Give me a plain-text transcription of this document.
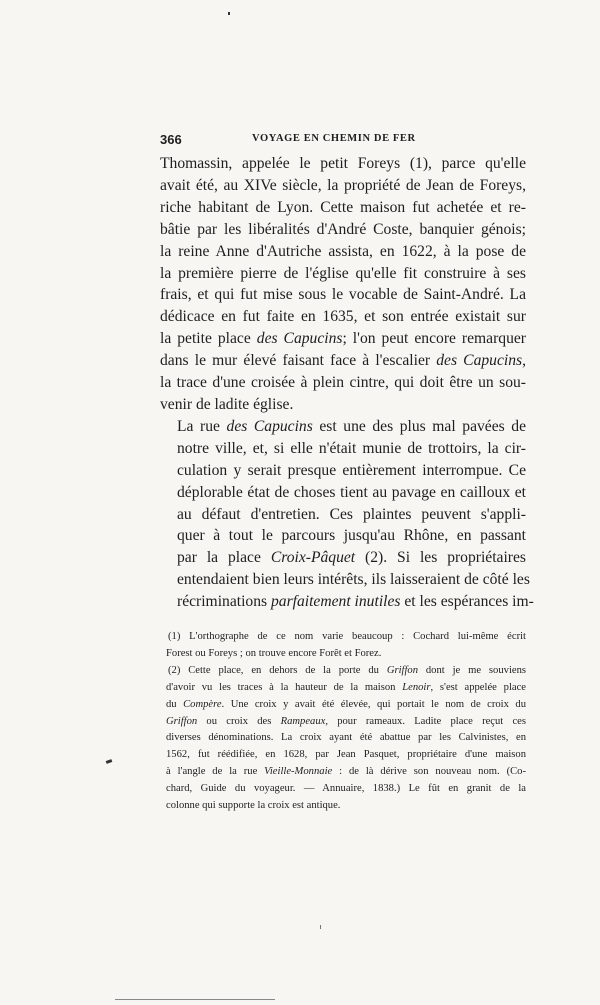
366	VOYAGE EN CHEMIN DE FER

Thomassin, appelée le petit Foreys (1), parce qu'elle
avait été, au XIVe siècle, la propriété de Jean de Foreys,
riche habitant de Lyon. Cette maison fut achetée et re-
bâtie par les libéralités d'André Coste, banquier génois;
la reine Anne d'Autriche assista, en 1622, à la pose de
la première pierre de l'église qu'elle fit construire à ses
frais, et qui fut mise sous le vocable de Saint-André. La
dédicace en fut faite en 1635, et son entrée existait sur
la petite place des Capucins; l'on peut encore remarquer
dans le mur élevé faisant face à l'escalier des Capucins,
la trace d'une croisée à plein cintre, qui doit être un sou-
venir de ladite église.

La rue des Capucins est une des plus mal pavées de
notre ville, et, si elle n'était munie de trottoirs, la cir-
culation y serait presque entièrement interrompue. Ce
déplorable état de choses tient au pavage en cailloux et
au défaut d'entretien. Ces plaintes peuvent s'appli-
quer à tout le parcours jusqu'au Rhône, en passant
par la place Croix-Pâquet (2). Si les propriétaires
entendaient bien leurs intérêts, ils laisseraient de côté les
récriminations parfaitement inutiles et les espérances im-

(1) L'orthographe de ce nom varie beaucoup : Cochard lui-même écrit
Forest ou Foreys ; on trouve encore Forêt et Forez.
(2) Cette place, en dehors de la porte du Griffon dont je me souviens
d'avoir vu les traces à la hauteur de la maison Lenoir, s'est appelée place
du Compère. Une croix y avait été élevée, qui portait le nom de croix du
Griffon ou croix des Rampeaux, pour rameaux. Ladite place reçut ces
diverses dénominations. La croix ayant été abattue par les Calvinistes, en
1562, fut réédifiée, en 1628, par Jean Pasquet, propriétaire d'une maison
à l'angle de la rue Vieille-Monnaie : de là dérive son nouveau nom. (Co-
chard, Guide du voyageur. — Annuaire, 1838.) Le fût en granit de la
colonne qui supporte la croix est antique.
